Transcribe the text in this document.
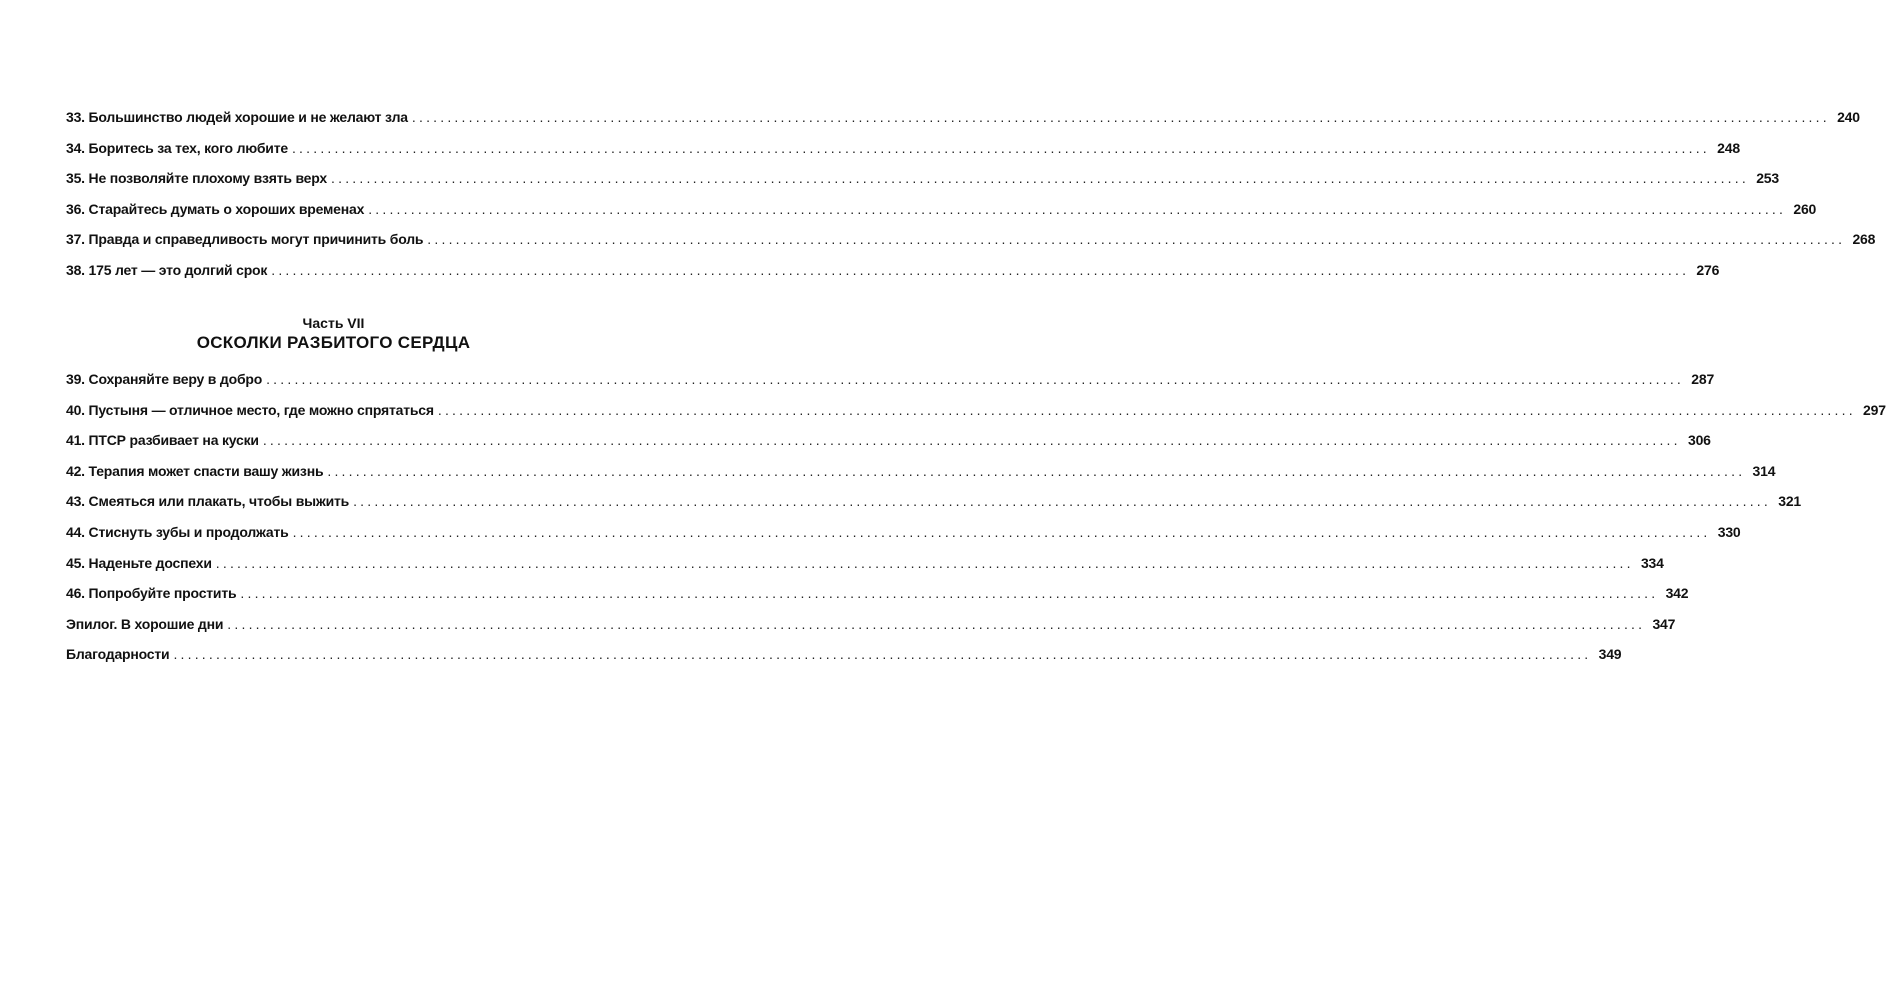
33. Большинство людей хорошие и не желают зла ........................................................................................................................................................................................................ 240
34. Боритесь за тех, кого любите ........................................................................................................................................................................................................ 248
35. Не позволяйте плохому взять верх ........................................................................................................................................................................................................ 253
36. Старайтесь думать о хороших временах ........................................................................................................................................................................................................ 260
37. Правда и справедливость могут причинить боль ........................................................................................................................................................................................................ 268
38. 175 лет — это долгий срок ........................................................................................................................................................................................................ 276
Часть VII
ОСКОЛКИ РАЗБИТОГО СЕРДЦА
39. Сохраняйте веру в добро ........................................................................................................................................................................................................ 287
40. Пустыня — отличное место, где можно спрятаться ........................................................................................................................................................................................................ 297
41. ПТСР разбивает на куски ........................................................................................................................................................................................................ 306
42. Терапия может спасти вашу жизнь ........................................................................................................................................................................................................ 314
43. Смеяться или плакать, чтобы выжить ........................................................................................................................................................................................................ 321
44. Стиснуть зубы и продолжать ........................................................................................................................................................................................................ 330
45. Наденьте доспехи ........................................................................................................................................................................................................ 334
46. Попробуйте простить ........................................................................................................................................................................................................ 342
Эпилог. В хорошие дни ........................................................................................................................................................................................................ 347
Благодарности ........................................................................................................................................................................................................ 349
